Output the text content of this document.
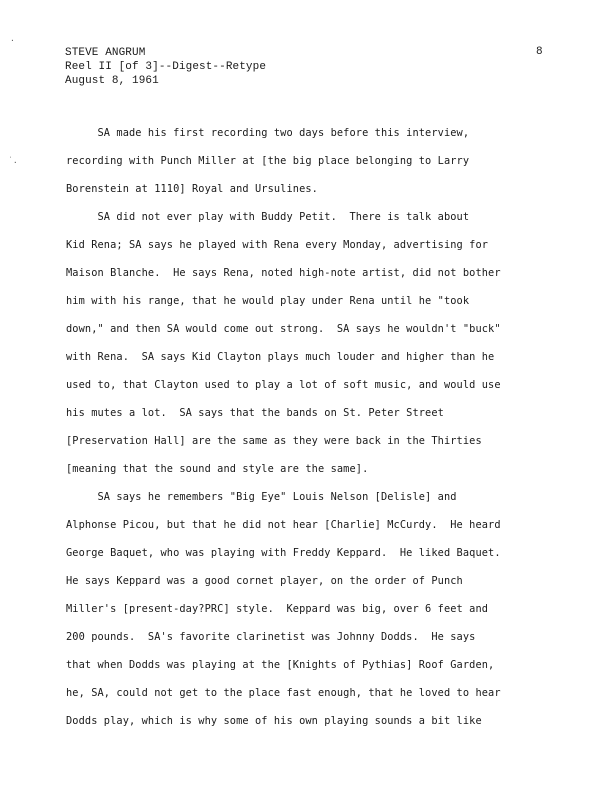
.
˙.
STEVE ANGRUM
Reel II [of 3]--Digest--Retype
August 8, 1961
8
SA made his first recording two days before this interview,
recording with Punch Miller at [the big place belonging to Larry
Borenstein at 1110] Royal and Ursulines.
SA did not ever play with Buddy Petit.  There is talk about
Kid Rena; SA says he played with Rena every Monday, advertising for
Maison Blanche.  He says Rena, noted high-note artist, did not bother
him with his range, that he would play under Rena until he "took
down," and then SA would come out strong.  SA says he wouldn't "buck"
with Rena.  SA says Kid Clayton plays much louder and higher than he
used to, that Clayton used to play a lot of soft music, and would use
his mutes a lot.  SA says that the bands on St. Peter Street
[Preservation Hall] are the same as they were back in the Thirties
[meaning that the sound and style are the same].
SA says he remembers "Big Eye" Louis Nelson [Delisle] and
Alphonse Picou, but that he did not hear [Charlie] McCurdy.  He heard
George Baquet, who was playing with Freddy Keppard.  He liked Baquet.
He says Keppard was a good cornet player, on the order of Punch
Miller's [present-day?PRC] style.  Keppard was big, over 6 feet and
200 pounds.  SA's favorite clarinetist was Johnny Dodds.  He says
that when Dodds was playing at the [Knights of Pythias] Roof Garden,
he, SA, could not get to the place fast enough, that he loved to hear
Dodds play, which is why some of his own playing sounds a bit like
